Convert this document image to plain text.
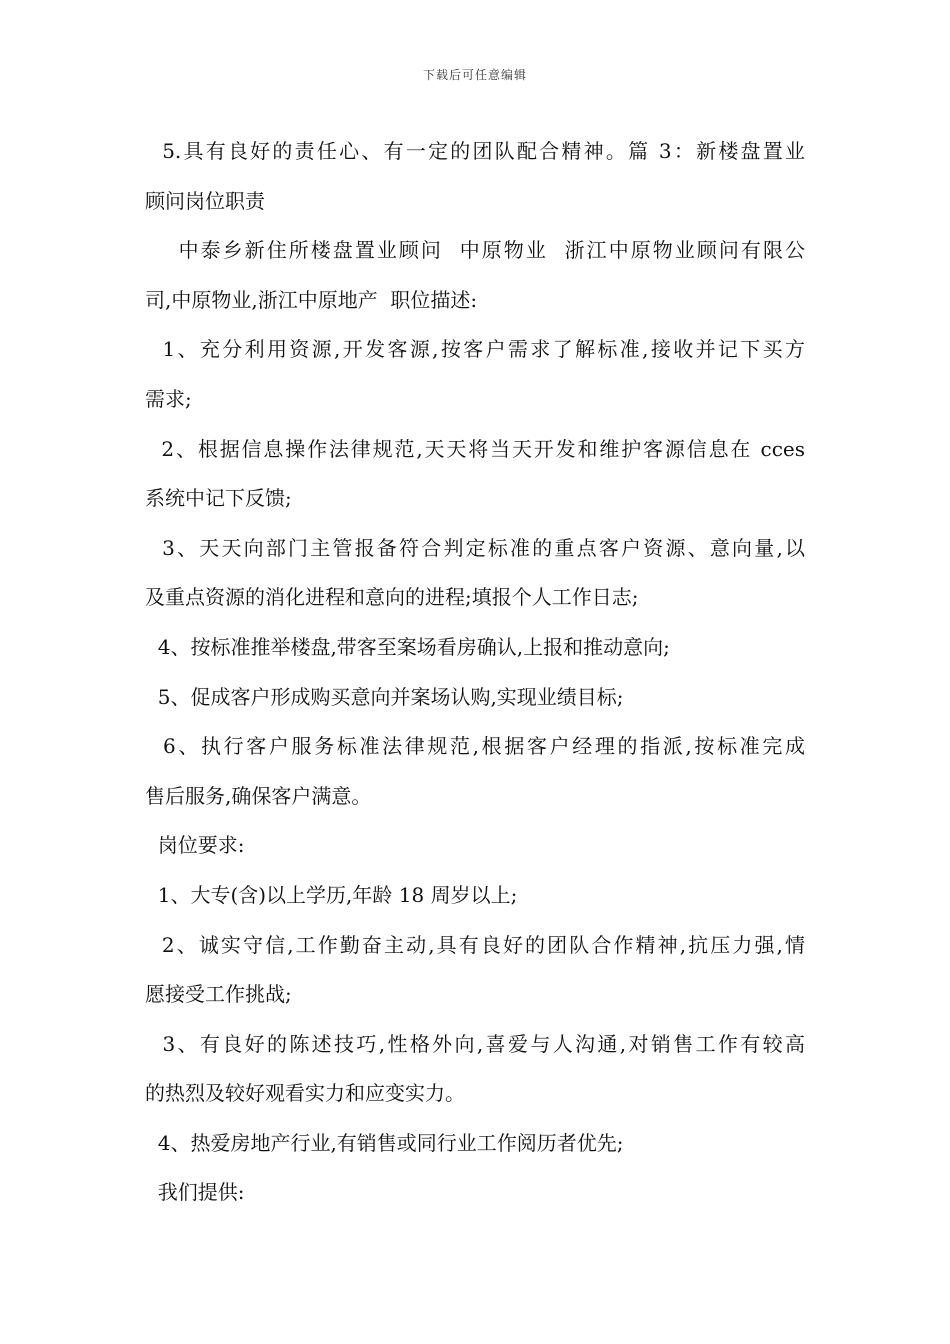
下载后可任意编辑
5.具有良好的责任心、有一定的团队配合精神。篇 3：新楼盘置业
顾问岗位职责
中泰乡新住所楼盘置业顾问  中原物业  浙江中原物业顾问有限公
司,中原物业,浙江中原地产  职位描述:
1、充分利用资源,开发客源,按客户需求了解标准,接收并记下买方
需求;
2、根据信息操作法律规范,天天将当天开发和维护客源信息在 cces
系统中记下反馈;
3、天天向部门主管报备符合判定标准的重点客户资源、意向量,以
及重点资源的消化进程和意向的进程;填报个人工作日志;
4、按标准推举楼盘,带客至案场看房确认,上报和推动意向;
5、促成客户形成购买意向并案场认购,实现业绩目标;
6、执行客户服务标准法律规范,根据客户经理的指派,按标准完成
售后服务,确保客户满意。
岗位要求:
1、大专(含)以上学历,年龄 18 周岁以上;
2、诚实守信,工作勤奋主动,具有良好的团队合作精神,抗压力强,情
愿接受工作挑战;
3、有良好的陈述技巧,性格外向,喜爱与人沟通,对销售工作有较高
的热烈及较好观看实力和应变实力。
4、热爱房地产行业,有销售或同行业工作阅历者优先;
我们提供:
